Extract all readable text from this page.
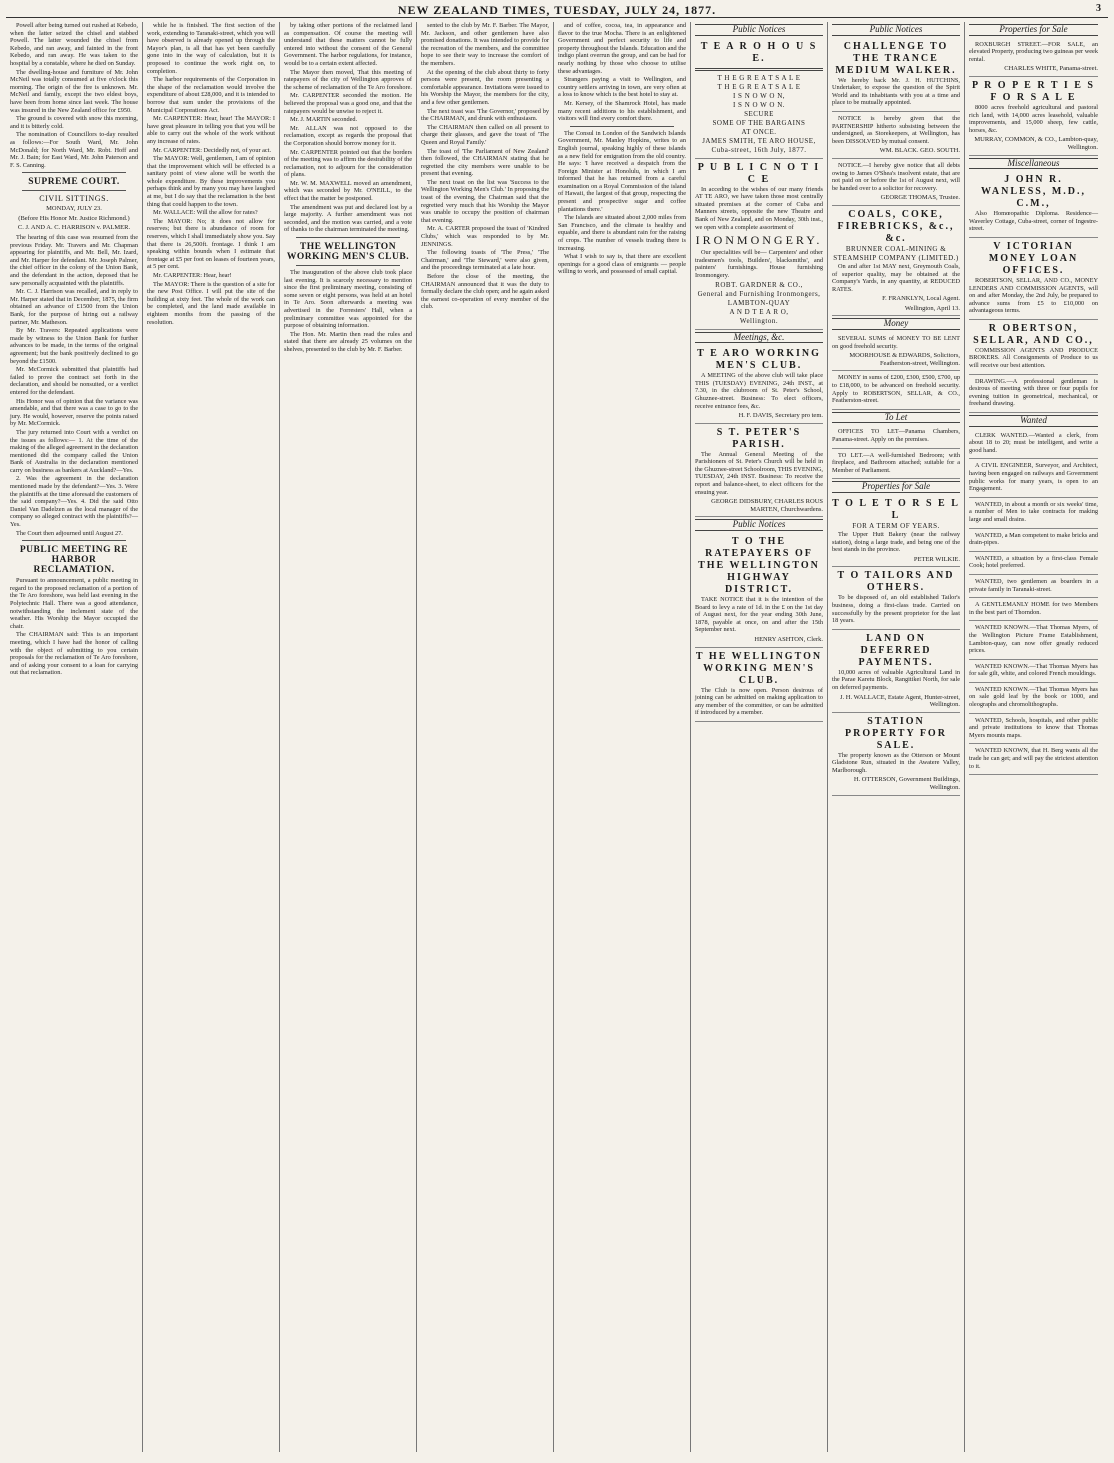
NEW ZEALAND TIMES, TUESDAY, JULY 24, 1877.	3

Powell after being turned out rushed at Kebedo, when the latter seized the chisel and stabbed Powell. The latter wounded the chisel from Kebedo, and ran away, and fainted in the front Kebedo, and ran away. He was taken to the hospital by a constable, where he died on Sunday.

The dwelling-house and furniture of Mr. John McNeil was totally consumed at five o'clock this morning. The origin of the fire is unknown. Mr. McNeil and family, except the two eldest boys, have been from home since last week. The house was insured in the New Zealand office for £950.

The ground is covered with snow this morning, and it is bitterly cold.

The nomination of Councillors to-day resulted as follows:—For South Ward, Mr. John McDonald; for North Ward, Mr. Robt. Hoff and Mr. J. Bain; for East Ward, Mr. John Paterson and F. S. Canning.

SUPREME COURT.
CIVIL SITTINGS.
MONDAY, JULY 23.
(Before His Honor Mr. Justice Richmond.)
C. J. AND A. C. HARRISON v. PALMER.

The hearing of this case was resumed from the previous Friday. Mr. Travers and Mr. Chapman appearing for plaintiffs, and Mr. Bell, Mr. Izard, and Mr. Harper for defendant. Mr. Joseph Palmer, the chief officer in the colony of the Union Bank, and the defendant in the action, deposed that he saw personally acquainted with the plaintiffs.

Mr. C. J. Harrison was recalled, and in reply to Mr. Harper stated that in December, 1875, the firm obtained an advance of £1500 from the Union Bank, for the purpose of hiring out a railway partner, Mr. Matheson.

By Mr. Travers: Repeated applications were made by witness to the Union Bank for further advances to be made, in the terms of the original agreement; but the bank positively declined to go beyond the £1500.

Mr. McCormick submitted that plaintiffs had failed to prove the contract set forth in the declaration, and should be nonsuited, or a verdict entered for the defendant.

His Honor was of opinion that the variance was amendable, and that there was a case to go to the jury. He would, however, reserve the points raised by Mr. McCormick.

The jury returned into Court with a verdict on the issues as follows:— 1. At the time of the making of the alleged agreement in the declaration mentioned did the company called the Union Bank of Australia in the declaration mentioned carry on business as bankers at Auckland?—Yes.

2. Was the agreement in the declaration mentioned made by the defendant?—Yes. 3. Were the plaintiffs at the time aforesaid the customers of the said company?—Yes. 4. Did the said Otto Daniel Van Dadelzen as the local manager of the company so alleged contract with the plaintiffs?—Yes.

The Court then adjourned until August 27.

PUBLIC MEETING RE HARBOR RECLAMATION.

Pursuant to announcement, a public meeting in regard to the proposed reclamation of a portion of the Te Aro foreshore, was held last evening in the Polytechnic Hall. There was a good attendance, notwithstanding the inclement state of the weather. His Worship the Mayor occupied the chair.

The CHAIRMAN said: This is an important meeting, which I have had the honor of calling with the object of submitting to you certain proposals for the reclamation of Te Aro foreshore, and of asking your consent to a loan for carrying out that reclamation.

while he is finished. The first section of the work, extending to Taranaki-street, which you will have observed is already opened up through the Mayor's plan, is all that has yet been carefully gone into in the way of calculation, but it is proposed to continue the work right on, to completion.

The harbor requirements of the Corporation in the shape of the reclamation would involve the expenditure of about £28,000, and it is intended to borrow that sum under the provisions of the Municipal Corporations Act.

Mr. CARPENTER: Hear, hear! The MAYOR: I have great pleasure in telling you that you will be able to carry out the whole of the work without any increase of rates.

Mr. CARPENTER: Decidedly not, of your act.

The MAYOR: Well, gentlemen, I am of opinion that the improvement which will be effected is a sanitary point of view alone will be worth the whole expenditure. By these improvements you perhaps think and by many you may have laughed at me, but I do say that the reclamation is the best thing that could happen to the town.

Mr. WALLACE: Will the allow for rates?

The MAYOR: No; it does not allow for reserves; but there is abundance of room for reserves, which I shall immediately show you. Say that there is 26,500ft. frontage. I think I am speaking within bounds when I estimate that frontage at £5 per foot on leases of fourteen years, at 5 per cent.

Mr. CARPENTER: Hear, hear!

The MAYOR: There is the question of a site for the new Post Office. I will put the site of the building at sixty feet. The whole of the work can be completed, and the land made available in eighteen months from the passing of the resolution.

by taking other portions of the reclaimed land as compensation. Of course the meeting will understand that these matters cannot be fully entered into without the consent of the General Government. The harbor regulations, for instance, would be to a certain extent affected.

The Mayor then moved, That this meeting of ratepayers of the city of Wellington approves of the scheme of reclamation of the Te Aro foreshore.

Mr. CARPENTER seconded the motion. He believed the proposal was a good one, and that the ratepayers would be unwise to reject it.

Mr. J. MARTIN seconded.

Mr. ALLAN was not opposed to the reclamation, except as regards the proposal that the Corporation should borrow money for it.

Mr. CARPENTER pointed out that the borders of the meeting was to affirm the desirability of the reclamation, not to adjourn for the consideration of plans.

Mr. W. M. MAXWELL moved an amendment, which was seconded by Mr. O'NEILL, to the effect that the matter be postponed.

The amendment was put and declared lost by a large majority. A further amendment was not seconded, and the motion was carried, and a vote of thanks to the chairman terminated the meeting.

THE WELLINGTON WORKING MEN'S CLUB.

The inauguration of the above club took place last evening. It is scarcely necessary to mention since the first preliminary meeting, consisting of some seven or eight persons, was held at an hotel in Te Aro. Soon afterwards a meeting was advertised in the Forresters' Hall, when a preliminary committee was appointed for the purpose of obtaining information.

The Hon. Mr. Martin then read the rules and stated that there are already 25 volumes on the shelves, presented to the club by Mr. F. Barber.

sented to the club by Mr. F. Barber. The Mayor, Mr. Jackson, and other gentlemen have also promised donations. It was intended to provide for the recreation of the members, and the committee hope to see their way to increase the comfort of the members.

At the opening of the club about thirty to forty persons were present, the room presenting a comfortable appearance. Invitations were issued to his Worship the Mayor, the members for the city, and a few other gentlemen.

The next toast was 'The Governor,' proposed by the CHAIRMAN, and drunk with enthusiasm.

The CHAIRMAN then called on all present to charge their glasses, and gave the toast of 'The Queen and Royal Family.'

The toast of 'The Parliament of New Zealand' then followed, the CHAIRMAN stating that he regretted the city members were unable to be present that evening.

The next toast on the list was 'Success to the Wellington Working Men's Club.' In proposing the toast of the evening, the Chairman said that the regretted very much that his Worship the Mayor was unable to occupy the position of chairman that evening.

Mr. A. CARTER proposed the toast of 'Kindred Clubs,' which was responded to by Mr. JENNINGS.

The following toasts of 'The Press,' 'The Chairman,' and 'The Steward,' were also given, and the proceedings terminated at a late hour.

Before the close of the meeting, the CHAIRMAN announced that it was the duty to formally declare the club open; and he again asked the earnest co-operation of every member of the club.

and of coffee, cocoa, tea, in appearance and flavor to the true Mocha. There is an enlightened Government and perfect security to life and property throughout the Islands. Education and the indigo plant overrun the group, and can be had for nearly nothing by those who choose to utilise these advantages.

Strangers paying a visit to Wellington, and country settlers arriving in town, are very often at a loss to know which is the best hotel to stay at.

Mr. Kersey, of the Shamrock Hotel, has made many recent additions to his establishment, and visitors will find every comfort there.

The Consul in London of the Sandwich Islands Government, Mr. Manley Hopkins, writes to an English journal, speaking highly of these islands as a new field for emigration from the old country. He says: 'I have received a despatch from the Foreign Minister at Honolulu, in which I am informed that he has returned from a careful examination on a Royal Commission of the island of Hawaii, the largest of that group, respecting the present and prospective sugar and coffee plantations there.'

The Islands are situated about 2,000 miles from San Francisco, and the climate is healthy and equable, and there is abundant rain for the raising of crops. The number of vessels trading there is increasing.

What I wish to say is, that there are excellent openings for a good class of emigrants — people willing to work, and possessed of small capital.

Public Notices
T E A R O H O U S E.
T H E G R E A T S A L E
T H E G R E A T S A L E
I S N O W O N,
I S N O W O N.
SECURE
SOME OF THE BARGAINS
AT ONCE.
JAMES SMITH, TE ARO HOUSE,
Cuba-street, 16th July, 1877.
P U B L I C N O T I C E

In acceding to the wishes of our many friends AT TE ARO, we have taken those most centrally situated premises at the corner of Cuba and Manners streets, opposite the new Theatre and Bank of New Zealand, and on Monday, 30th inst., we open with a complete assortment of

IRONMONGERY.

Our specialities will be— Carpenters' and other tradesmen's tools, Builders', blacksmiths', and painters' furnishings. House furnishing Ironmongery.

ROBT. GARDNER & CO.,
General and Furnishing Ironmongers, LAMBTON-QUAY
A N D T E A R O,
Wellington.
Meetings, &c.
T E ARO WORKING MEN'S CLUB.

A MEETING of the above club will take place THIS (TUESDAY) EVENING, 24th INST., at 7.30, in the clubroom of St. Peter's School, Ghuznee-street. Business: To elect officers, receive entrance fees, &c.

H. F. DAVIS, Secretary pro tem.
S T. PETER'S PARISH.

The Annual General Meeting of the Parishioners of St. Peter's Church will be held in the Ghuznee-street Schoolroom, THIS EVENING, TUESDAY, 24th INST. Business: To receive the report and balance-sheet, to elect officers for the ensuing year.

GEORGE DIDSBURY, CHARLES ROUS MARTEN, Churchwardens.
Public Notices
T O THE RATEPAYERS OF THE WELLINGTON HIGHWAY DISTRICT.

TAKE NOTICE that it is the intention of the Board to levy a rate of 1d. in the £ on the 1st day of August next, for the year ending 30th June, 1878, payable at once, on and after the 15th September next.

HENRY ASHTON, Clerk.
T HE WELLINGTON WORKING MEN'S CLUB.

The Club is now open. Person desirous of joining can be admitted on making application to any member of the committee, or can be admitted if introduced by a member.

Public Notices
CHALLENGE TO THE TRANCE MEDIUM WALKER.

We hereby back Mr. J. H. HUTCHINS, Undertaker, to expose the question of the Spirit World and its inhabitants with you at a time and place to be mutually appointed.

NOTICE is hereby given that the PARTNERSHIP hitherto subsisting between the undersigned, as Storekeepers, at Wellington, has been DISSOLVED by mutual consent.

WM. BLACK. GEO. SOUTH.

NOTICE.—I hereby give notice that all debts owing to James O'Shea's insolvent estate, that are not paid on or before the 1st of August next, will be handed over to a solicitor for recovery.

GEORGE THOMAS, Trustee.
COALS, COKE, FIREBRICKS, &c., &c.
BRUNNER COAL-MINING & STEAMSHIP COMPANY (LIMITED.)

On and after 1st MAY next, Greymouth Coals, of superior quality, may be obtained at the Company's Yards, in any quantity, at REDUCED RATES.

F. FRANKLYN, Local Agent.
Wellington, April 13.
Money

SEVERAL SUMS of MONEY TO BE LENT on good freehold security.

MOORHOUSE & EDWARDS, Solicitors, Featherston-street, Wellington.

MONEY in sums of £200, £300, £500, £700, up to £18,000, to be advanced on freehold security. Apply to ROBERTSON, SELLAR, & CO., Featherston-street.

To Let

OFFICES TO LET—Panama Chambers, Panama-street. Apply on the premises.

TO LET.—A well-furnished Bedroom; with fireplace, and Bathroom attached; suitable for a Member of Parliament.

Properties for Sale
T O L E T O R S E L L
FOR A TERM OF YEARS.

The Upper Hutt Bakery (near the railway station), doing a large trade, and being one of the best stands in the province.

PETER WILKIE.
T O TAILORS AND OTHERS.

To be disposed of, an old established Tailor's business, doing a first-class trade. Carried on successfully by the present proprietor for the last 18 years.

LAND ON DEFERRED PAYMENTS.

10,000 acres of valuable Agricultural Land in the Parae Karetu Block, Rangitikei North, for sale on deferred payments.

J. H. WALLACE, Estate Agent, Hunter-street, Wellington.
STATION PROPERTY FOR SALE.

The property known as the Otterson or Mount Gladstone Run, situated in the Awatere Valley, Marlborough.

H. OTTERSON, Government Buildings, Wellington.
Properties for Sale

ROXBURGH STREET.—FOR SALE, an elevated Property, producing two guineas per week rental.

CHARLES WHITE, Panama-street.
P R O P E R T I E S F O R S A L E

8000 acres freehold agricultural and pastoral rich land, with 14,000 acres leasehold, valuable improvements, and 15,000 sheep, few cattle, horses, &c.

MURRAY, COMMON, & CO., Lambton-quay, Wellington.
Miscellaneous
J OHN R. WANLESS, M.D., C.M.,

Also Homœopathic Diploma. Residence—Waverley Cottage, Cuba-street, corner of Ingestre-street.

V ICTORIAN MONEY LOAN OFFICES.

ROBERTSON, SELLAR, AND CO., MONEY LENDERS AND COMMISSION AGENTS, will on and after Monday, the 2nd July, be prepared to advance sums from £5 to £10,000 on advantageous terms.

R OBERTSON, SELLAR, AND CO.,

COMMISSION AGENTS AND PRODUCE BROKERS. All Consignments of Produce to us will receive our best attention.

DRAWING.—A professional gentleman is desirous of meeting with three or four pupils for evening tuition in geometrical, mechanical, or freehand drawing.

Wanted

CLERK WANTED.—Wanted a clerk, from about 18 to 20; must be intelligent, and write a good hand.

A CIVIL ENGINEER, Surveyor, and Architect, having been engaged on railways and Government public works for many years, is open to an Engagement.

WANTED, in about a month or six weeks' time, a number of Men to take contracts for making large and small drains.

WANTED, a Man competent to make bricks and drain-pipes.

WANTED, a situation by a first-class Female Cook; hotel preferred.

WANTED, two gentlemen as boarders in a private family in Taranaki-street.

A GENTLEMANLY HOME for two Members in the best part of Thorndon.

WANTED KNOWN.—That Thomas Myers, of the Wellington Picture Frame Establishment, Lambton-quay, can now offer greatly reduced prices.

WANTED KNOWN.—That Thomas Myers has for sale gilt, white, and colored French mouldings.

WANTED KNOWN.—That Thomas Myers has on sale gold leaf by the book or 1000, and oleographs and chromolithographs.

WANTED, Schools, hospitals, and other public and private institutions to know that Thomas Myers mounts maps.

WANTED KNOWN, that H. Berg wants all the trade he can get; and will pay the strictest attention to it.
